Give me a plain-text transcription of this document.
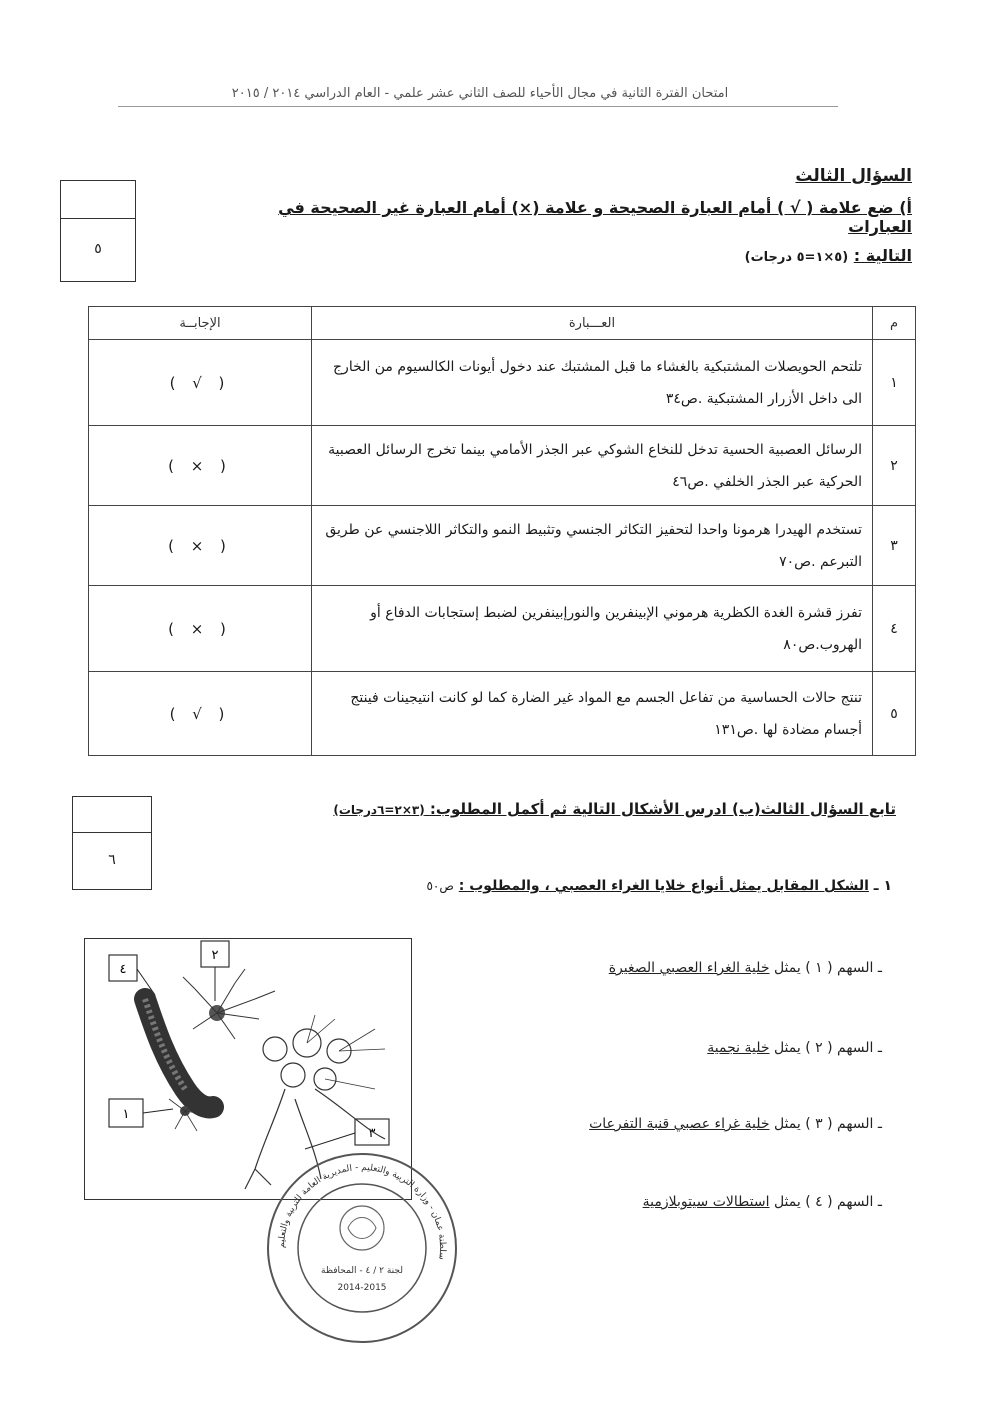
امتحان الفترة الثانية في مجال الأحياء للصف الثاني عشر علمي - العام الدراسي ٢٠١٤ / ٢٠١٥
السؤال الثالث
أ) ضع علامة ( √ ) أمام العبارة الصحيحة و علامة (×) أمام العبارة غير الصحيحة في العبارات
التالية : (٥×١=٥ درجات)
٥
م	العـــبارة	الإجابــة
١	تلتحم الحويصلات المشتبكية بالغشاء ما قبل المشتبك عند دخول أيونات الكالسيوم من الخارج الى داخل الأزرار المشتبكية .ص٣٤	( √ )
٢	الرسائل العصبية الحسية تدخل للنخاع الشوكي عبر الجذر الأمامي بينما تخرج الرسائل العصبية الحركية عبر الجذر الخلفي .ص٤٦	( × )
٣	تستخدم الهيدرا هرمونا واحدا لتحفيز التكاثر الجنسي وتثبيط النمو والتكاثر اللاجنسي عن طريق التبرعم .ص٧٠	( × )
٤	تفرز قشرة الغدة الكظرية هرموني الإبينفرين والنورإبينفرين لضبط إستجابات الدفاع أو الهروب.ص٨٠	( × )
٥	تنتج حالات الحساسية من تفاعل الجسم مع المواد غير الضارة كما لو كانت انتيجينات فينتج أجسام مضادة لها .ص١٣١	( √ )
تابع السؤال الثالث(ب) ادرس الأشكال التالية ثم أكمل المطلوب: (٣×٢=٦درجات)
٦
١ ـ الشكل المقابل يمثل أنواع خلايا الغراء العصبي ، والمطلوب : ص٥٠
٤
٢
١
٣
ـ السهم ( ١ ) يمثل خلية الغراء العصبي الصغيرة
ـ السهم ( ٢ ) يمثل خلية نجمية
ـ السهم ( ٣ ) يمثل خلية غراء عصبي قنبة التفرعات
ـ السهم ( ٤ ) يمثل استطالات سيتوبلازمية
سلطنة عمان - وزارة التربية والتعليم - المديرية العامة للتربية والتعليم
لجنة ٢ / ٤ - المحافظة
2014-2015
